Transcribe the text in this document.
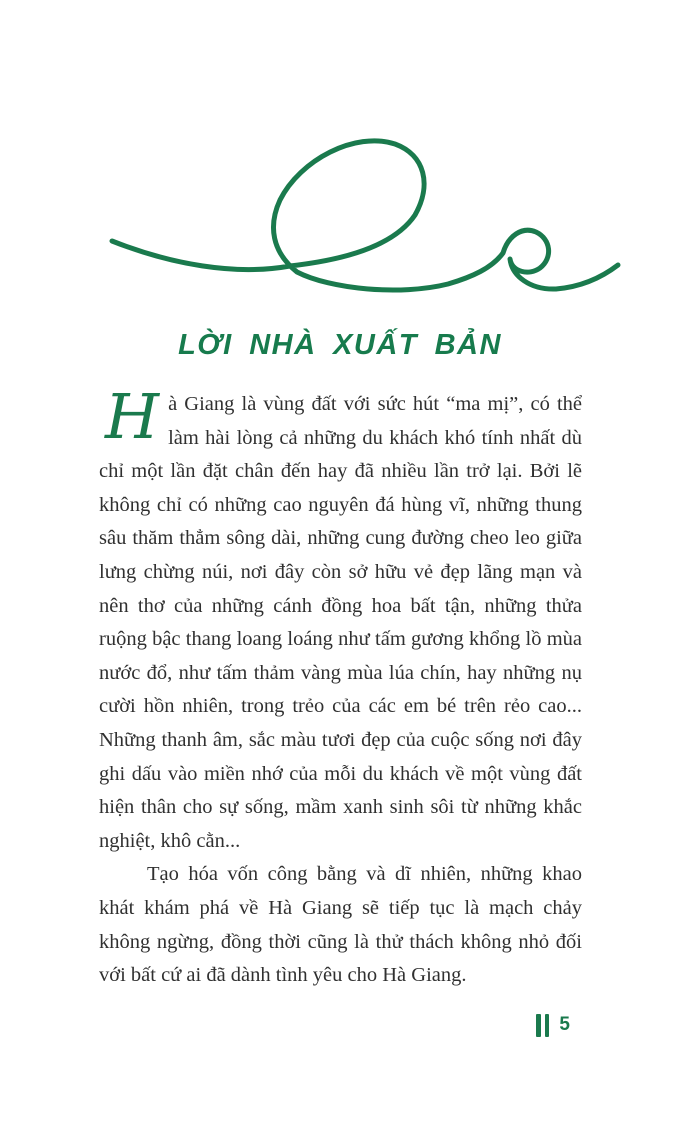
LỜI NHÀ XUẤT BẢN

Hà Giang là vùng đất với sức hút “ma mị”, có thể làm hài lòng cả những du khách khó tính nhất dù chỉ một lần đặt chân đến hay đã nhiều lần trở lại. Bởi lẽ không chỉ có những cao nguyên đá hùng vĩ, những thung sâu thăm thẳm sông dài, những cung đường cheo leo giữa lưng chừng núi, nơi đây còn sở hữu vẻ đẹp lãng mạn và nên thơ của những cánh đồng hoa bất tận, những thửa ruộng bậc thang loang loáng như tấm gương khổng lồ mùa nước đổ, như tấm thảm vàng mùa lúa chín, hay những nụ cười hồn nhiên, trong trẻo của các em bé trên rẻo cao... Những thanh âm, sắc màu tươi đẹp của cuộc sống nơi đây ghi dấu vào miền nhớ của mỗi du khách về một vùng đất hiện thân cho sự sống, mầm xanh sinh sôi từ những khắc nghiệt, khô cằn...

Tạo hóa vốn công bằng và dĩ nhiên, những khao khát khám phá về Hà Giang sẽ tiếp tục là mạch chảy không ngừng, đồng thời cũng là thử thách không nhỏ đối với bất cứ ai đã dành tình yêu cho Hà Giang.

5
